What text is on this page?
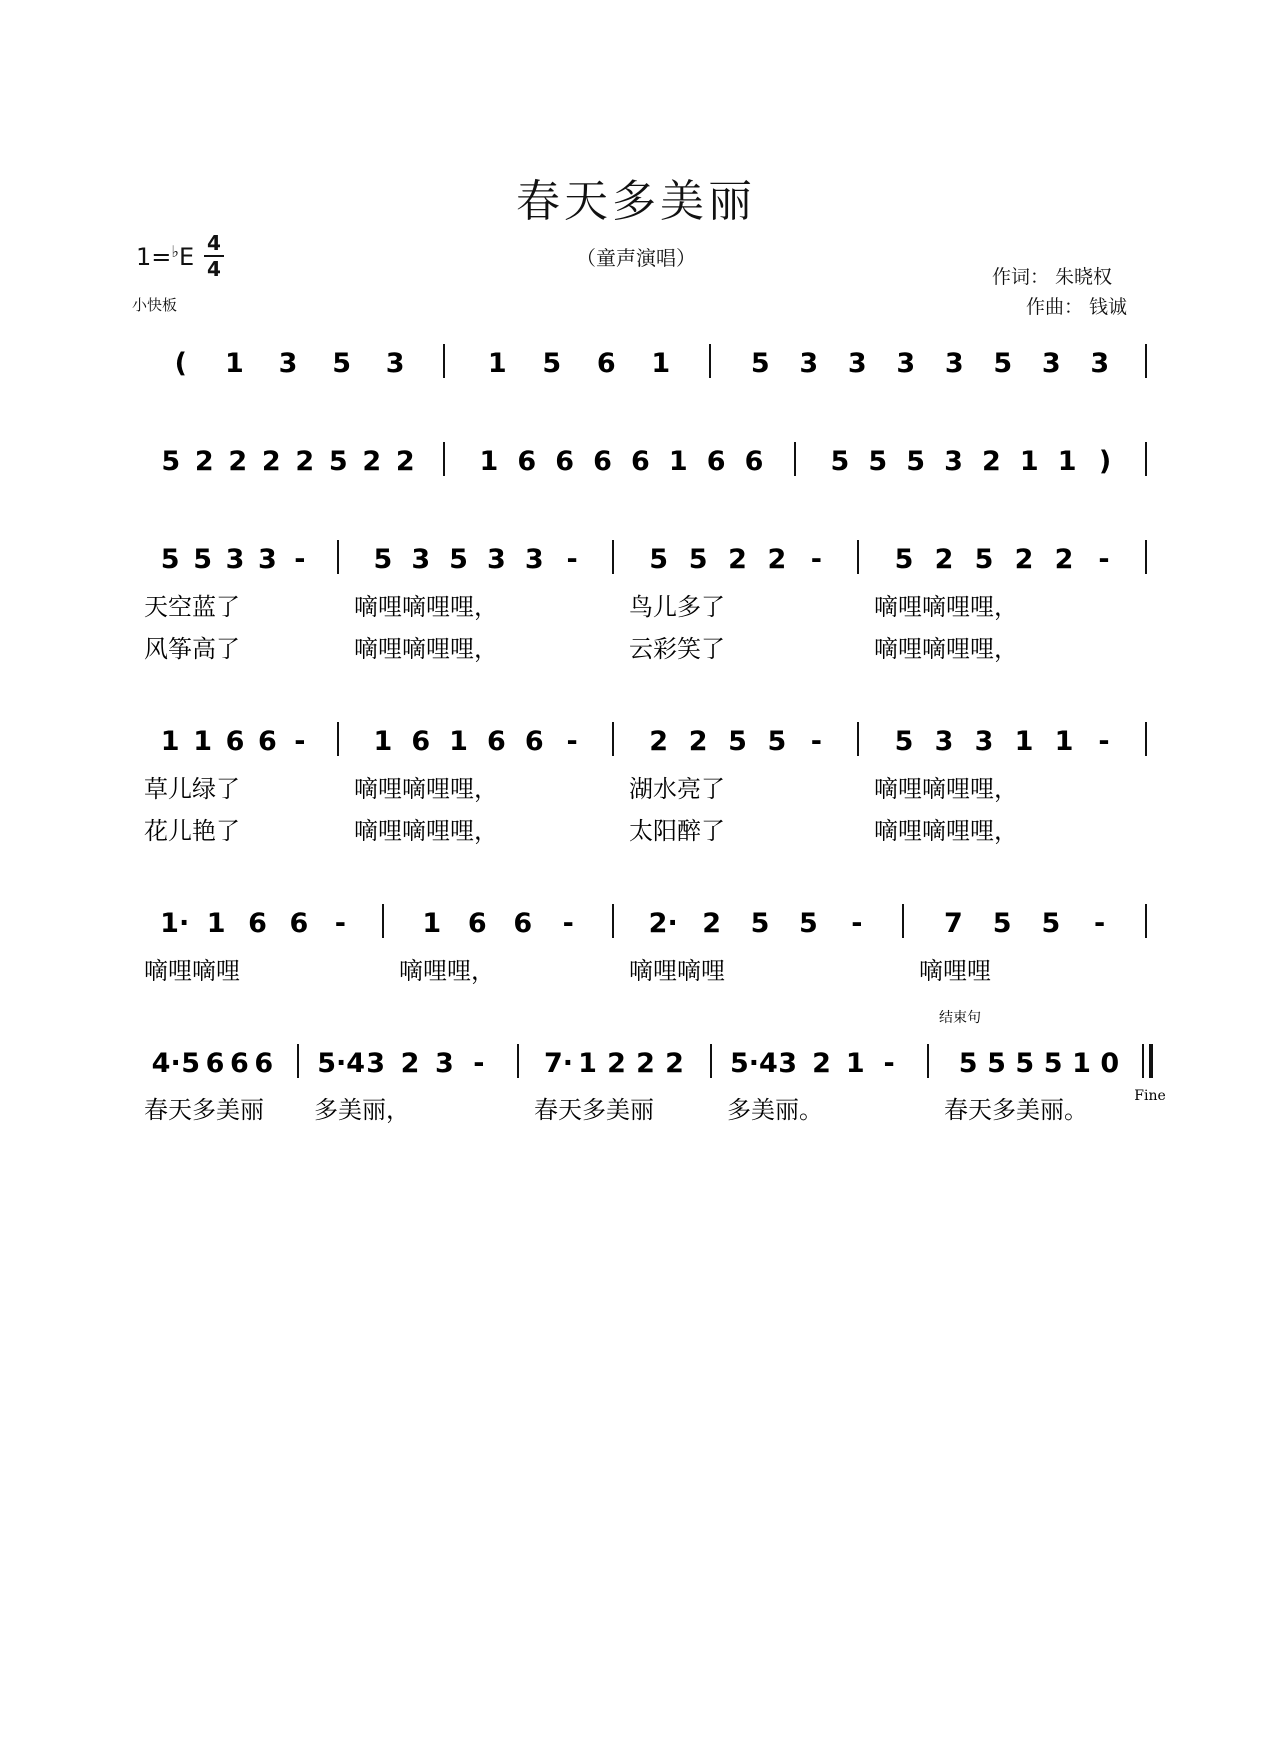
春天多美丽
（童声演唱）
1=♭E 4
4
小快板
作词： 朱晓权
作曲： 钱诚
( 1 3 5 3	1 5 6 1	5 3 3 3 3 5 3 3
5 2 2 2 2 5 2 2 1 6 6 6 6 1 6 6 5 5 5 3 2 1 1 )
5 5 3 3 -	5 3 5 3 3 -	5 5 2 2 -	5 2 5 2 2 -
天空蓝了	嘀哩嘀哩哩，	鸟儿多了	嘀哩嘀哩哩，
风筝高了	嘀哩嘀哩哩，	云彩笑了	嘀哩嘀哩哩，
1 1 6 6 -	1 6 1 6 6 -	2 2 5 5 -	5 3 3 1 1 -
草儿绿了	嘀哩嘀哩哩，	湖水亮了	嘀哩嘀哩哩，
花儿艳了	嘀哩嘀哩哩，	太阳醉了	嘀哩嘀哩哩，
1· 1 6 6 -	1 6 6 -	2· 2 5 5 -	7 5 5 -
嘀哩嘀哩	嘀哩哩，	嘀哩嘀哩	嘀哩哩
4· 5 6 6 6 5·4 3 2 3 - 7· 1 2 2 2 5·4 3 2 1 - 5 5 5 5 1 0
春天多美丽 多美丽，	春天多美丽	多美丽。	春天多美丽。
结束句
Fine
